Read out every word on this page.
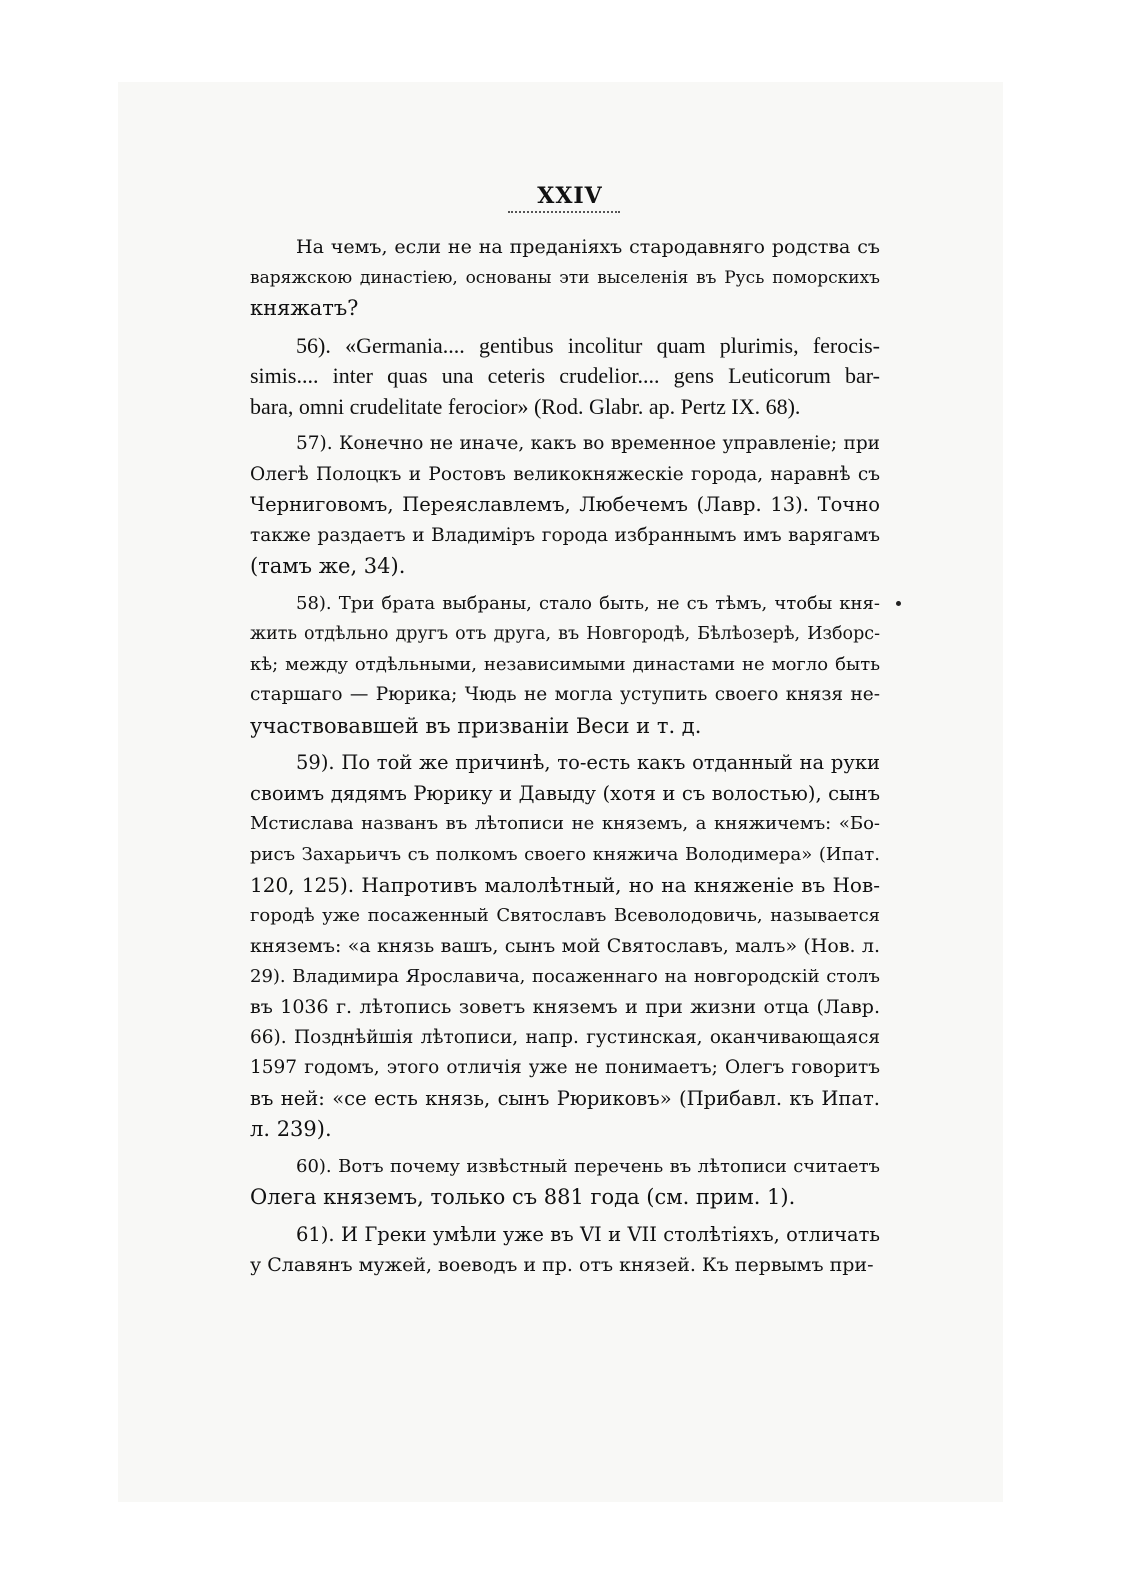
XXIV
На чемъ, если не на преданіяхъ стародавняго родства съ
варяжскою династіею, основаны эти выселенія въ Русь поморскихъ
княжатъ?
56). «Germania.... gentibus incolitur quam plurimis, ferocis-
simis.... inter quas una ceteris crudelior.... gens Leuticorum bar-
bara, omni crudelitate ferocior» (Rod. Glabr. ap. Pertz IX. 68).
57). Конечно не иначе, какъ во временное управленіе; при
Олегѣ Полоцкъ и Ростовъ великокняжескіе города, наравнѣ съ
Черниговомъ, Переяславлемъ, Любечемъ (Лавр. 13). Точно
также раздаетъ и Владиміръ города избраннымъ имъ варягамъ
(тамъ же, 34).
58). Три брата выбраны, стало быть, не съ тѣмъ, чтобы кня-
жить отдѣльно другъ отъ друга, въ Новгородѣ, Бѣлѣозерѣ, Изборс-
кѣ; между отдѣльными, независимыми династами не могло быть
старшаго — Рюрика; Чюдь не могла уступить своего князя не-
участвовавшей въ призваніи Веси и т. д.
59). По той же причинѣ, то-есть какъ отданный на руки
своимъ дядямъ Рюрику и Давыду (хотя и съ волостью), сынъ
Мстислава названъ въ лѣтописи не княземъ, а княжичемъ: «Бо-
рисъ Захарьичъ съ полкомъ своего княжича Володимера» (Ипат.
120, 125). Напротивъ малолѣтный, но на княженіе въ Нов-
городѣ уже посаженный Святославъ Всеволодовичь, называется
княземъ: «а князь вашъ, сынъ мой Святославъ, малъ» (Нов. л.
29). Владимира Ярославича, посаженнаго на новгородскій столъ
въ 1036 г. лѣтопись зоветъ княземъ и при жизни отца (Лавр.
66). Позднѣйшія лѣтописи, напр. густинская, оканчивающаяся
1597 годомъ, этого отличія уже не понимаетъ; Олегъ говоритъ
въ ней: «се есть князь, сынъ Рюриковъ» (Прибавл. къ Ипат.
л. 239).
60). Вотъ почему извѣстный перечень въ лѣтописи считаетъ
Олега княземъ, только съ 881 года (см. прим. 1).
61). И Греки умѣли уже въ VI и VII столѣтіяхъ, отличать
у Славянъ мужей, воеводъ и пр. отъ князей. Къ первымъ при-
